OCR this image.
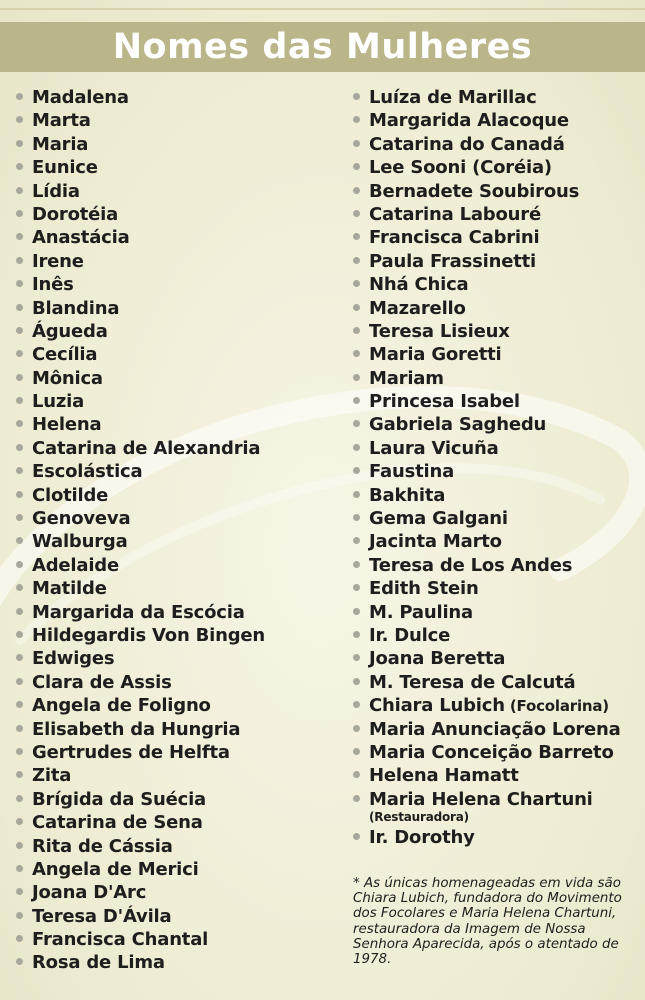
Nomes das Mulheres
Madalena
Marta
Maria
Eunice
Lídia
Dorotéia
Anastácia
Irene
Inês
Blandina
Águeda
Cecília
Mônica
Luzia
Helena
Catarina de Alexandria
Escolástica
Clotilde
Genoveva
Walburga
Adelaide
Matilde
Margarida da Escócia
Hildegardis Von Bingen
Edwiges
Clara de Assis
Angela de Foligno
Elisabeth da Hungria
Gertrudes de Helfta
Zita
Brígida da Suécia
Catarina de Sena
Rita de Cássia
Angela de Merici
Joana D'Arc
Teresa D'Ávila
Francisca Chantal
Rosa de Lima
Luíza de Marillac
Margarida Alacoque
Catarina do Canadá
Lee Sooni (Coréia)
Bernadete Soubirous
Catarina Labouré
Francisca Cabrini
Paula Frassinetti
Nhá Chica
Mazarello
Teresa Lisieux
Maria Goretti
Mariam
Princesa Isabel
Gabriela Saghedu
Laura Vicuña
Faustina
Bakhita
Gema Galgani
Jacinta Marto
Teresa de Los Andes
Edith Stein
M. Paulina
Ir. Dulce
Joana Beretta
M. Teresa de Calcutá
Chiara Lubich (Focolarina)
Maria Anunciação Lorena
Maria Conceição Barreto
Helena Hamatt
Maria Helena Chartuni
(Restauradora)
Ir. Dorothy
* As únicas homenageadas em vida são Chiara Lubich, fundadora do Movimento dos Focolares e Maria Helena Chartuni, restauradora da Imagem de Nossa Senhora Aparecida, após o atentado de 1978.
